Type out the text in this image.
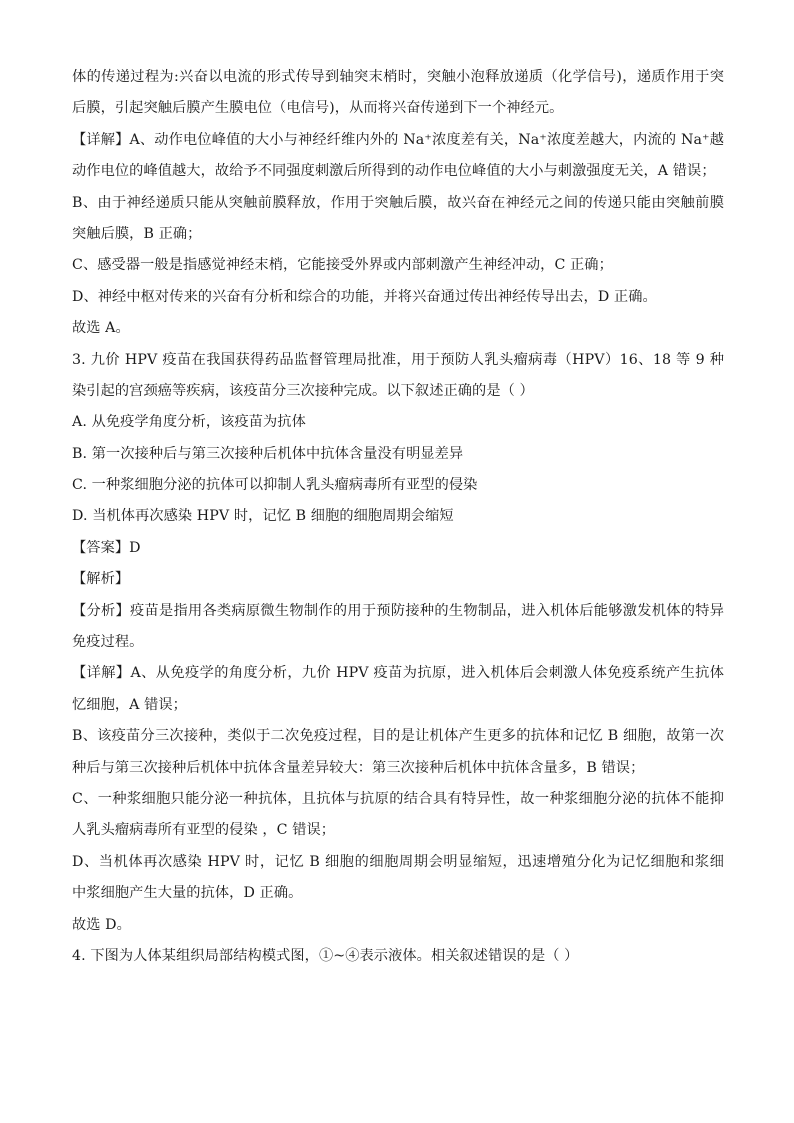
体的传递过程为:兴奋以电流的形式传导到轴突末梢时，突触小泡释放递质（化学信号)，递质作用于突
后膜，引起突触后膜产生膜电位（电信号)，从而将兴奋传递到下一个神经元。
【详解】A、动作电位峰值的大小与神经纤维内外的 Na⁺浓度差有关，Na⁺浓度差越大，内流的 Na⁺越
动作电位的峰值越大，故给予不同强度刺激后所得到的动作电位峰值的大小与刺激强度无关，A 错误；
B、由于神经递质只能从突触前膜释放，作用于突触后膜，故兴奋在神经元之间的传递只能由突触前膜
突触后膜，B 正确；
C、感受器一般是指感觉神经末梢，它能接受外界或内部刺激产生神经冲动，C 正确；
D、神经中枢对传来的兴奋有分析和综合的功能，并将兴奋通过传出神经传导出去，D 正确。
故选 A。
3. 九价 HPV 疫苗在我国获得药品监督管理局批准，用于预防人乳头瘤病毒（HPV）16、18 等 9 种
染引起的宫颈癌等疾病，该疫苗分三次接种完成。以下叙述正确的是（ ）
A. 从免疫学角度分析，该疫苗为抗体
B. 第一次接种后与第三次接种后机体中抗体含量没有明显差异
C. 一种浆细胞分泌的抗体可以抑制人乳头瘤病毒所有亚型的侵染
D. 当机体再次感染 HPV 时，记忆 B 细胞的细胞周期会缩短
【答案】D
【解析】
【分析】疫苗是指用各类病原微生物制作的用于预防接种的生物制品，进入机体后能够激发机体的特异
免疫过程。
【详解】A、从免疫学的角度分析，九价 HPV 疫苗为抗原，进入机体后会刺激人体免疫系统产生抗体
忆细胞，A 错误；
B、该疫苗分三次接种，类似于二次免疫过程，目的是让机体产生更多的抗体和记忆 B 细胞，故第一次
种后与第三次接种后机体中抗体含量差异较大：第三次接种后机体中抗体含量多，B 错误；
C、一种浆细胞只能分泌一种抗体，且抗体与抗原的结合具有特异性，故一种浆细胞分泌的抗体不能抑
人乳头瘤病毒所有亚型的侵染 ，C 错误；
D、当机体再次感染 HPV 时，记忆 B 细胞的细胞周期会明显缩短，迅速增殖分化为记忆细胞和浆细
中浆细胞产生大量的抗体，D 正确。
故选 D。
4. 下图为人体某组织局部结构模式图，①~④表示液体。相关叙述错误的是（ ）
